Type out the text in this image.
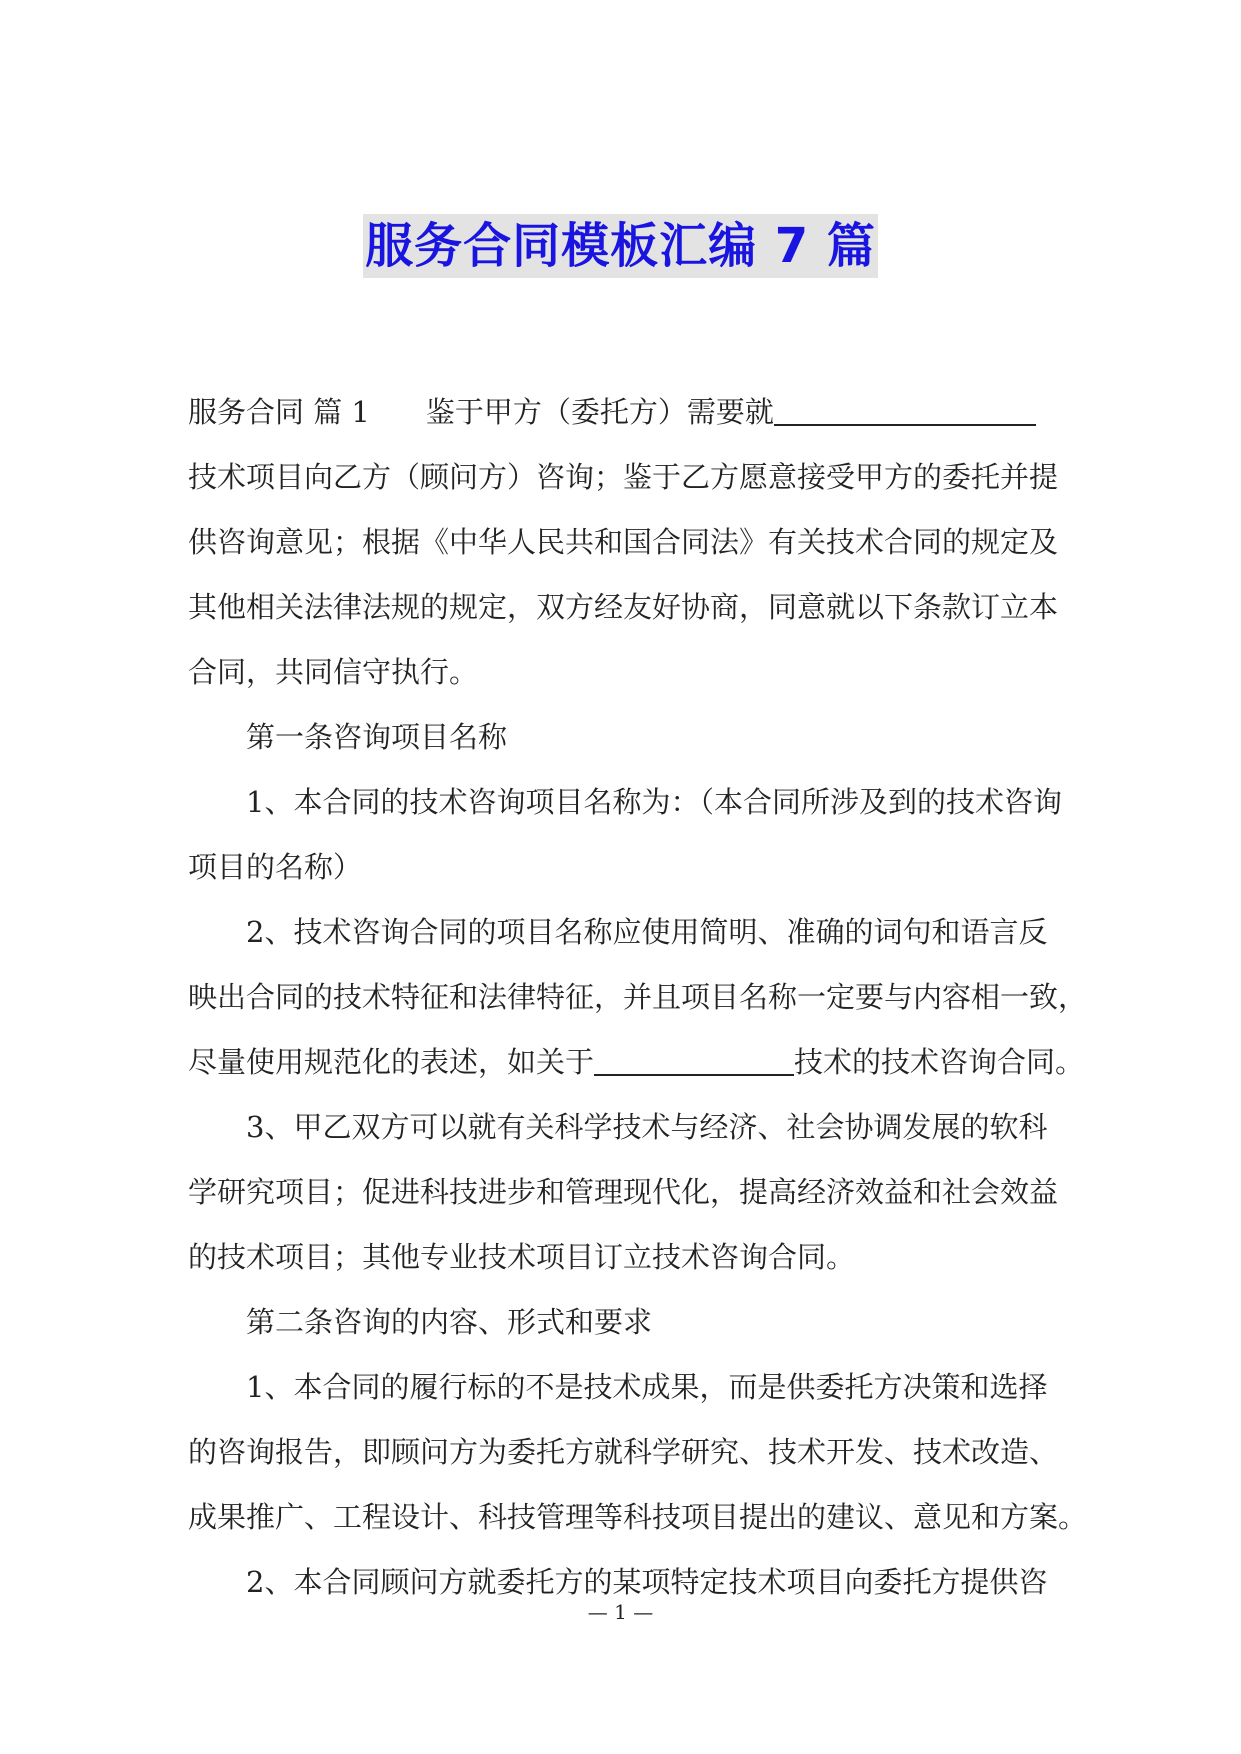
服务合同模板汇编 7 篇

服务合同 篇 1 鉴于甲方（委托方）需要就

技术项目向乙方（顾问方）咨询；鉴于乙方愿意接受甲方的委托并提

供咨询意见；根据《中华人民共和国合同法》有关技术合同的规定及

其他相关法律法规的规定，双方经友好协商，同意就以下条款订立本

合同，共同信守执行。

第一条咨询项目名称

1、本合同的技术咨询项目名称为：（本合同所涉及到的技术咨询

项目的名称）

2、技术咨询合同的项目名称应使用简明、准确的词句和语言反

映出合同的技术特征和法律特征，并且项目名称一定要与内容相一致，

尽量使用规范化的表述，如关于	技术的技术咨询合同。

3、甲乙双方可以就有关科学技术与经济、社会协调发展的软科

学研究项目；促进科技进步和管理现代化，提高经济效益和社会效益

的技术项目；其他专业技术项目订立技术咨询合同。

第二条咨询的内容、形式和要求

1、本合同的履行标的不是技术成果，而是供委托方决策和选择

的咨询报告，即顾问方为委托方就科学研究、技术开发、技术改造、

成果推广、工程设计、科技管理等科技项目提出的建议、意见和方案。

2、本合同顾问方就委托方的某项特定技术项目向委托方提供咨

— 1 —
